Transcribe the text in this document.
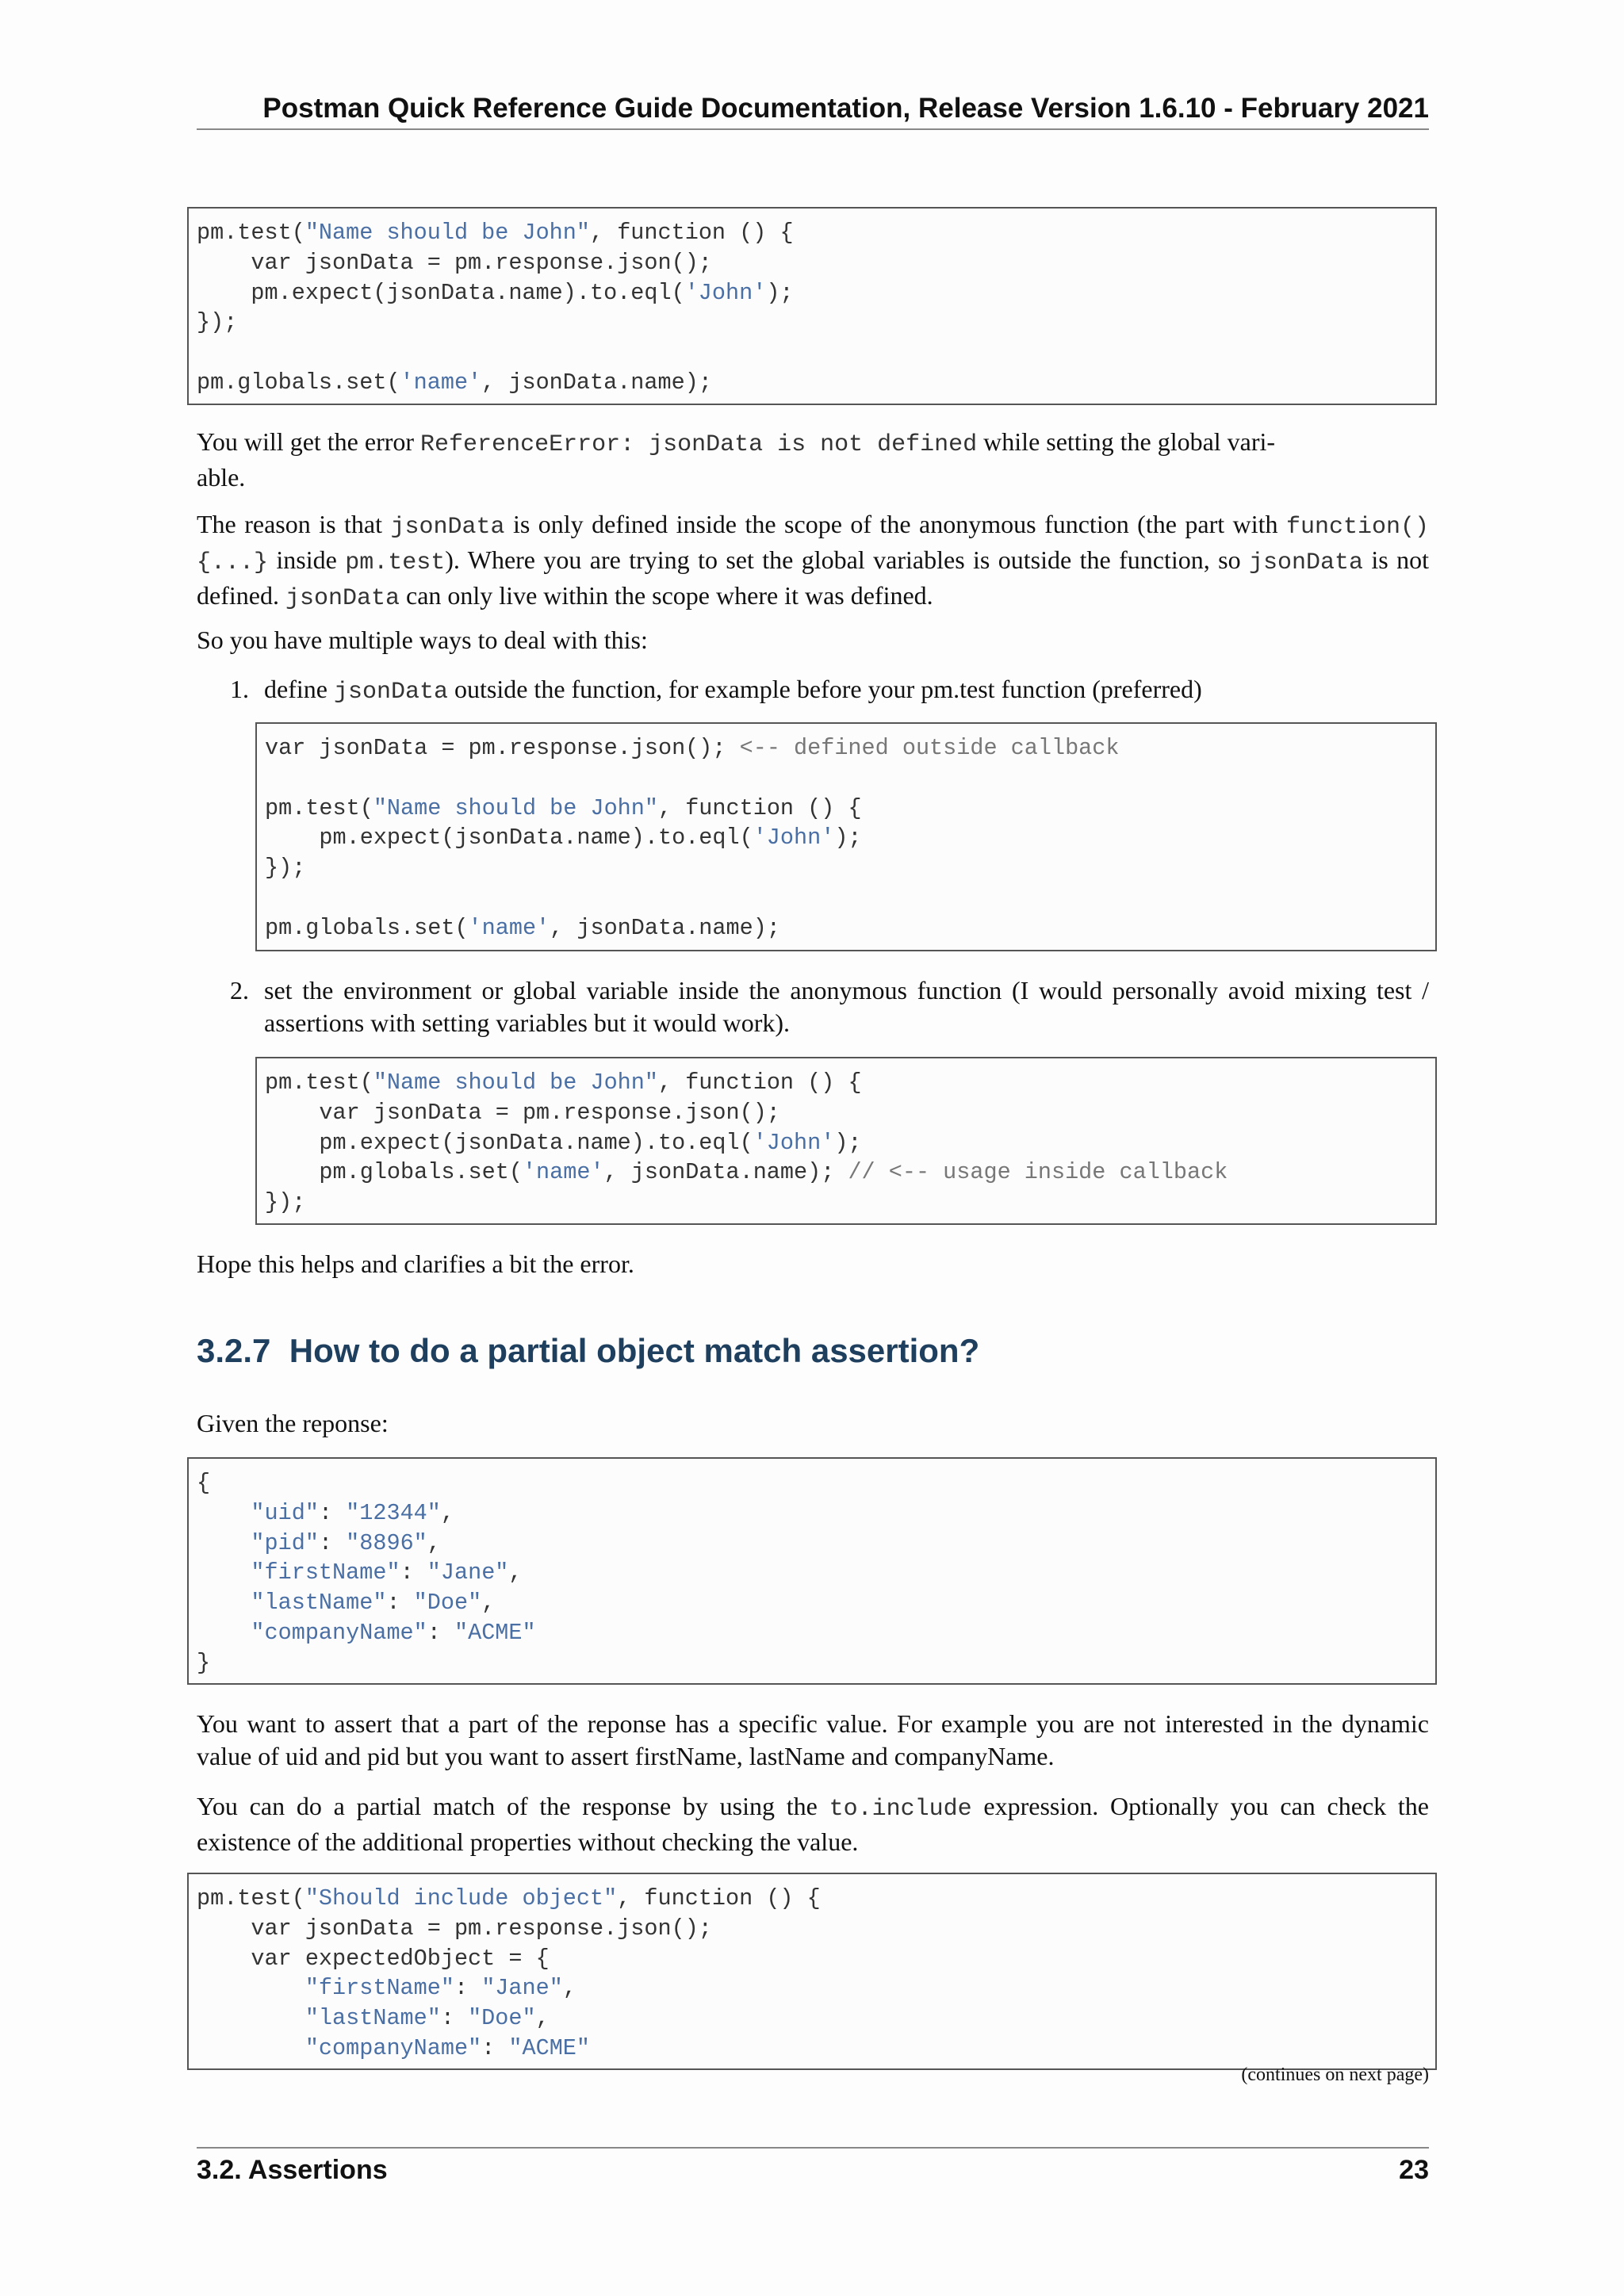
Postman Quick Reference Guide Documentation, Release Version 1.6.10 - February 2021
pm.test("Name should be John", function () {
var jsonData = pm.response.json();
pm.expect(jsonData.name).to.eql('John');
});
pm.globals.set('name', jsonData.name);
You will get the error ReferenceError: jsonData is not defined while setting the global vari-
able.
The reason is that jsonData is only defined inside the scope of the anonymous function (the part with function() {...} inside pm.test). Where you are trying to set the global variables is outside the function, so jsonData is not defined. jsonData can only live within the scope where it was defined.
So you have multiple ways to deal with this:
1. define jsonData outside the function, for example before your pm.test function (preferred)
var jsonData = pm.response.json(); <-- defined outside callback
pm.test("Name should be John", function () {
pm.expect(jsonData.name).to.eql('John');
});
pm.globals.set('name', jsonData.name);
2. set the environment or global variable inside the anonymous function (I would personally avoid mixing test / assertions with setting variables but it would work).
pm.test("Name should be John", function () {
var jsonData = pm.response.json();
pm.expect(jsonData.name).to.eql('John');
pm.globals.set('name', jsonData.name); // <-- usage inside callback
});
Hope this helps and clarifies a bit the error.
3.2.7 How to do a partial object match assertion?
Given the reponse:
{
"uid": "12344",
"pid": "8896",
"firstName": "Jane",
"lastName": "Doe",
"companyName": "ACME"
}
You want to assert that a part of the reponse has a specific value. For example you are not interested in the dynamic value of uid and pid but you want to assert firstName, lastName and companyName.
You can do a partial match of the response by using the to.include expression. Optionally you can check the existence of the additional properties without checking the value.
pm.test("Should include object", function () {
var jsonData = pm.response.json();
var expectedObject = {
"firstName": "Jane",
"lastName": "Doe",
"companyName": "ACME"
(continues on next page)
3.2. Assertions	23
